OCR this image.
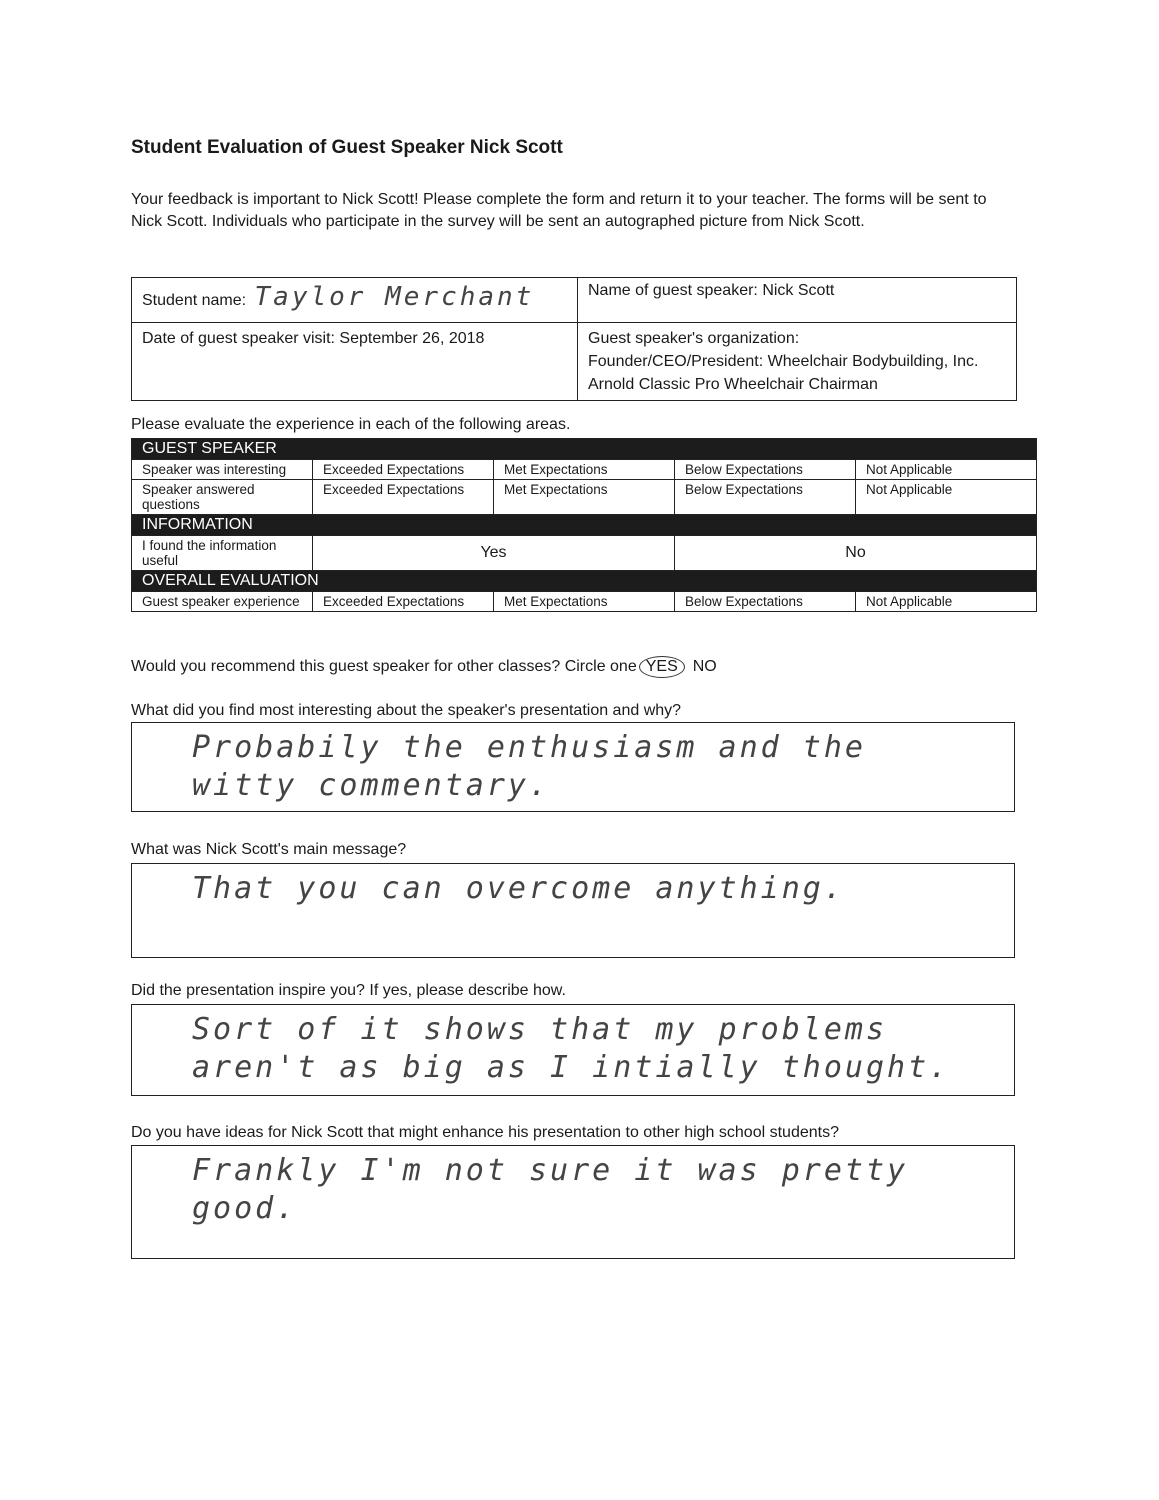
Student Evaluation of Guest Speaker Nick Scott
Your feedback is important to Nick Scott! Please complete the form and return it to your teacher. The forms will be sent to Nick Scott. Individuals who participate in the survey will be sent an autographed picture from Nick Scott.
Student name: Taylor Merchant	Name of guest speaker: Nick Scott
Date of guest speaker visit: September 26, 2018	Guest speaker's organization:
Founder/CEO/President: Wheelchair Bodybuilding, Inc.
Arnold Classic Pro Wheelchair Chairman
Please evaluate the experience in each of the following areas.
GUEST SPEAKER				
Speaker was interesting	Exceeded Expectations	Met Expectations	Below Expectations	Not Applicable
Speaker answered questions	Exceeded Expectations	Met Expectations	Below Expectations	Not Applicable
INFORMATION				
I found the information useful	Yes		No	
OVERALL EVALUATION				
Guest speaker experience	Exceeded Expectations	Met Expectations	Below Expectations	Not Applicable
Would you recommend this guest speaker for other classes? Circle one YES NO
What did you find most interesting about the speaker's presentation and why?
Probabily the enthusiasm and the witty commentary.
What was Nick Scott's main message?
That you can overcome anything.
Did the presentation inspire you? If yes, please describe how.
Sort of it shows that my problems aren't as big as I intially thought.
Do you have ideas for Nick Scott that might enhance his presentation to other high school students?
Frankly I'm not sure it was pretty good.
